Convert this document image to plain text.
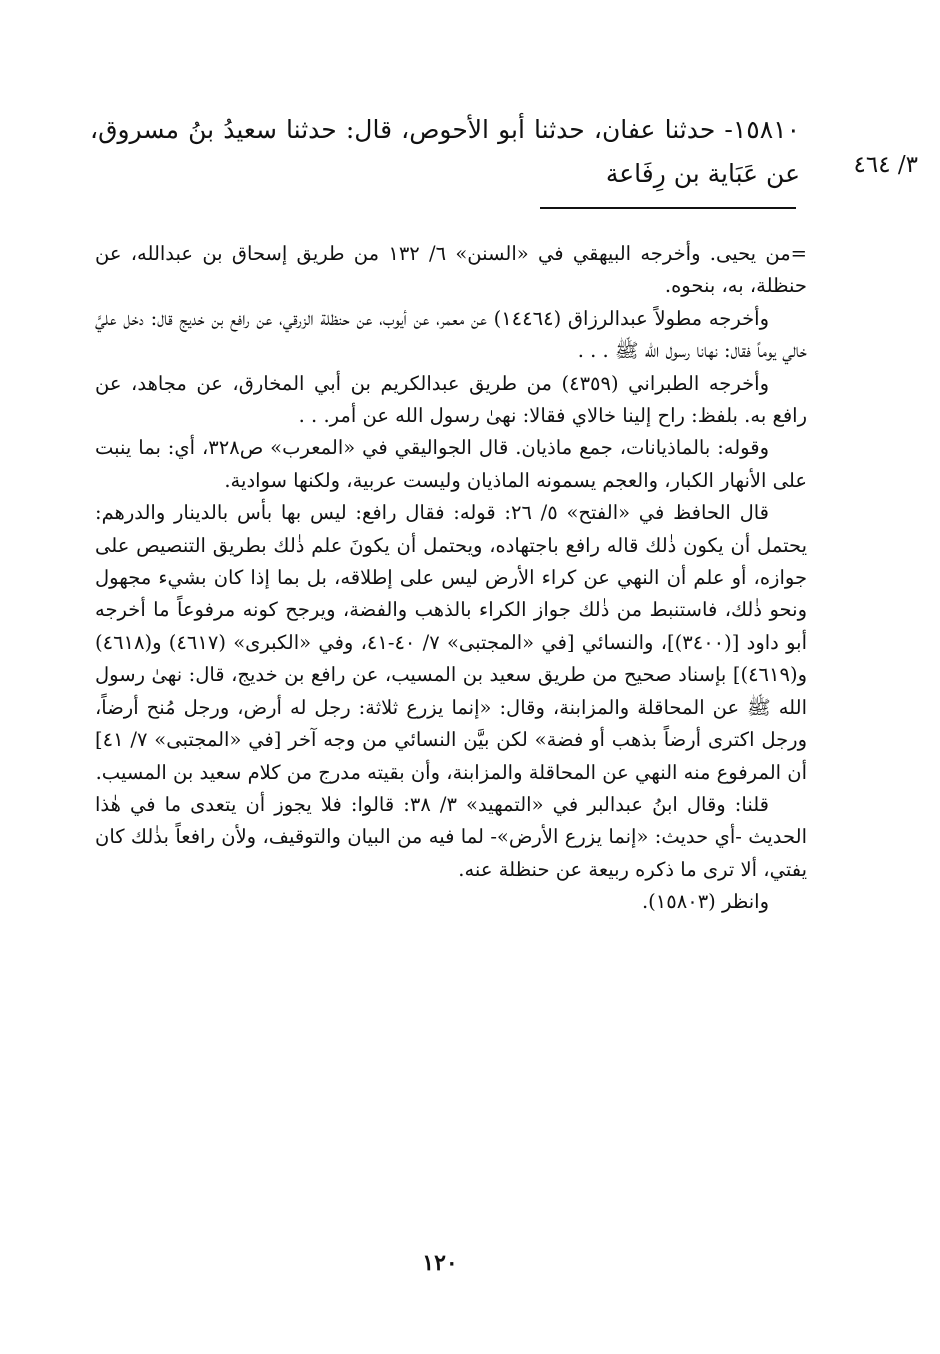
١٥٨١٠- حدثنا عفان، حدثنا أبو الأحوص، قال: حدثنا سعيدُ بنُ مسروق، عن عَبَاية بن رِفَاعة	٣/ ٤٦٤

=من يحيى. وأخرجه البيهقي في «السنن» ٦/ ١٣٢ من طريق إسحاق بن عبدالله، عن حنظلة، به، بنحوه.

وأخرجه مطولاً عبدالرزاق (١٤٤٦٤) عن معمر، عن أيوب، عن حنظلة الزرقي، عن رافع بن خديج قال: دخل عليَّ خالي يوماً فقال: نهانا رسول الله ﷺ . . .

وأخرجه الطبراني (٤٣٥٩) من طريق عبدالكريم بن أبي المخارق، عن مجاهد، عن رافع به. بلفظ: راح إلينا خالاي فقالا: نهىٰ رسول الله عن أمر. . .

وقوله: بالماذيانات، جمع ماذيان. قال الجواليقي في «المعرب» ص٣٢٨، أي: بما ينبت على الأنهار الكبار، والعجم يسمونه الماذيان وليست عربية، ولكنها سوادية.

قال الحافظ في «الفتح» ٥/ ٢٦: قوله: فقال رافع: ليس بها بأس بالدينار والدرهم: يحتمل أن يكون ذٰلك قاله رافع باجتهاده، ويحتمل أن يكونَ علم ذٰلك بطريق التنصيص على جوازه، أو علم أن النهي عن كراء الأرض ليس على إطلاقه، بل بما إذا كان بشيء مجهول ونحو ذٰلك، فاستنبط من ذٰلك جواز الكراء بالذهب والفضة، ويرجح كونه مرفوعاً ما أخرجه أبو داود [(٣٤٠٠)]، والنسائي [في «المجتبى» ٧/ ٤٠-٤١، وفي «الكبرى» (٤٦١٧) و(٤٦١٨) و(٤٦١٩)] بإسناد صحيح من طريق سعيد بن المسيب، عن رافع بن خديج، قال: نهىٰ رسول الله ﷺ عن المحاقلة والمزابنة، وقال: «إنما يزرع ثلاثة: رجل له أرض، ورجل مُنح أرضاً، ورجل اكترى أرضاً بذهب أو فضة» لكن بيَّن النسائي من وجه آخر [في «المجتبى» ٧/ ٤١] أن المرفوع منه النهي عن المحاقلة والمزابنة، وأن بقيته مدرج من كلام سعيد بن المسيب.

قلنا: وقال ابنُ عبدالبر في «التمهيد» ٣/ ٣٨: قالوا: فلا يجوز أن يتعدى ما في هٰذا الحديث -أي حديث: «إنما يزرع الأرض»- لما فيه من البيان والتوقيف، ولأن رافعاً بذٰلك كان يفتي، ألا ترى ما ذكره ربيعة عن حنظلة عنه.

وانظر (١٥٨٠٣).

١٢٠
